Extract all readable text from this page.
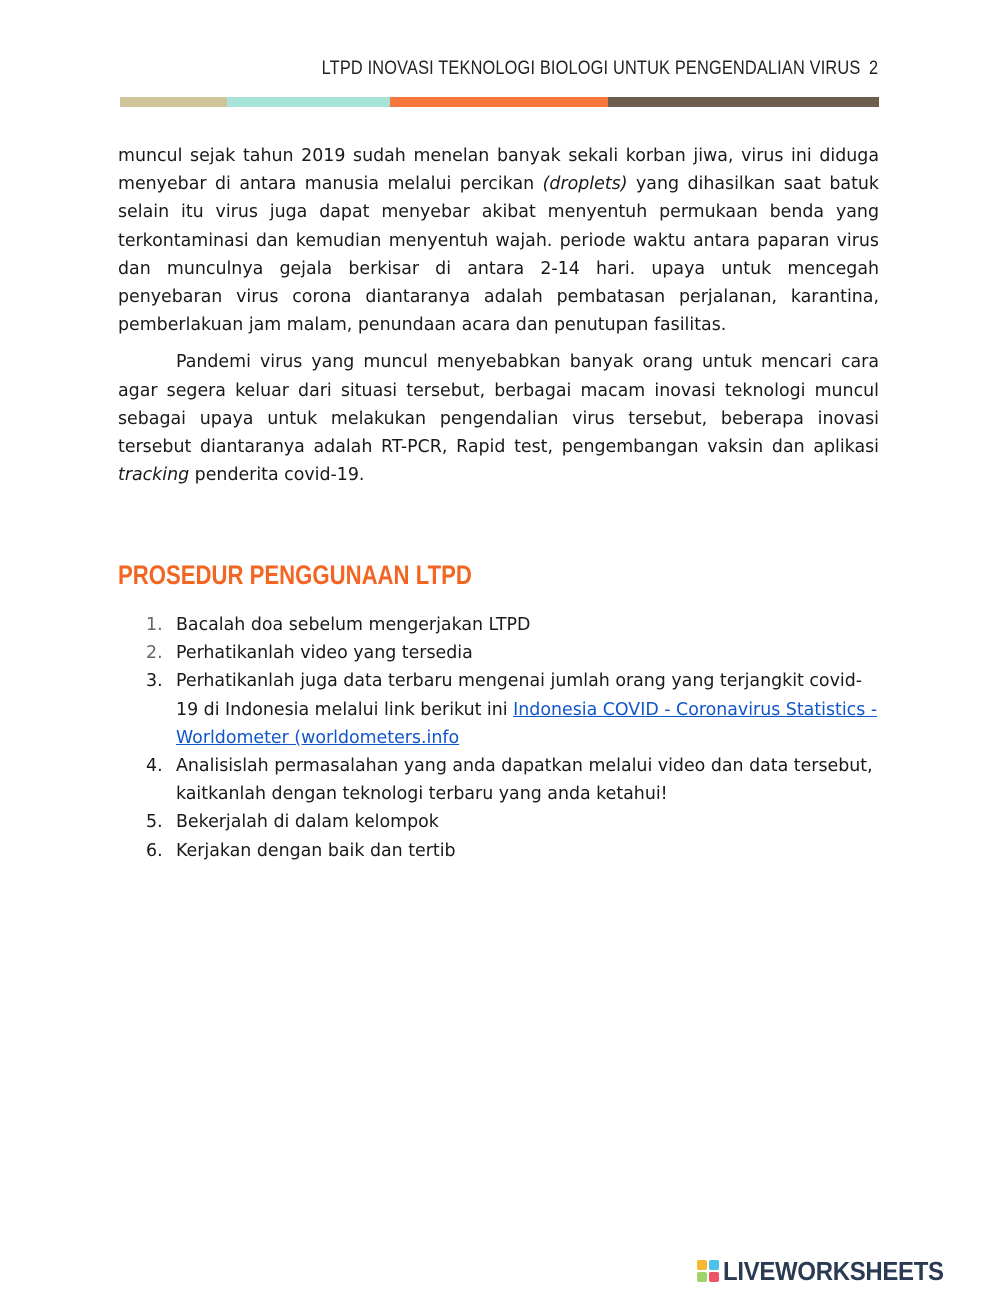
LTPD INOVASI TEKNOLOGI BIOLOGI UNTUK PENGENDALIAN VIRUS 2

muncul sejak tahun 2019 sudah menelan banyak sekali korban jiwa, virus ini diduga menyebar di antara manusia melalui percikan (droplets) yang dihasilkan saat batuk selain itu virus juga dapat menyebar akibat menyentuh permukaan benda yang terkontaminasi dan kemudian menyentuh wajah. periode waktu antara paparan virus dan munculnya gejala berkisar di antara 2-14 hari. upaya untuk mencegah penyebaran virus corona diantaranya adalah pembatasan perjalanan, karantina, pemberlakuan jam malam, penundaan acara dan penutupan fasilitas.

Pandemi virus yang muncul menyebabkan banyak orang untuk mencari cara agar segera keluar dari situasi tersebut, berbagai macam inovasi teknologi muncul sebagai upaya untuk melakukan pengendalian virus tersebut, beberapa inovasi tersebut diantaranya adalah RT-PCR, Rapid test, pengembangan vaksin dan aplikasi tracking penderita covid-19.

PROSEDUR PENGGUNAAN LTPD
1. Bacalah doa sebelum mengerjakan LTPD
2. Perhatikanlah video yang tersedia
3. Perhatikanlah juga data terbaru mengenai jumlah orang yang terjangkit covid-19 di Indonesia melalui link berikut ini Indonesia COVID - Coronavirus Statistics - Worldometer (worldometers.info
4. Analisislah permasalahan yang anda dapatkan melalui video dan data tersebut, kaitkanlah dengan teknologi terbaru yang anda ketahui!
5. Bekerjalah di dalam kelompok
6. Kerjakan dengan baik dan tertib
LIVEWORKSHEETS
